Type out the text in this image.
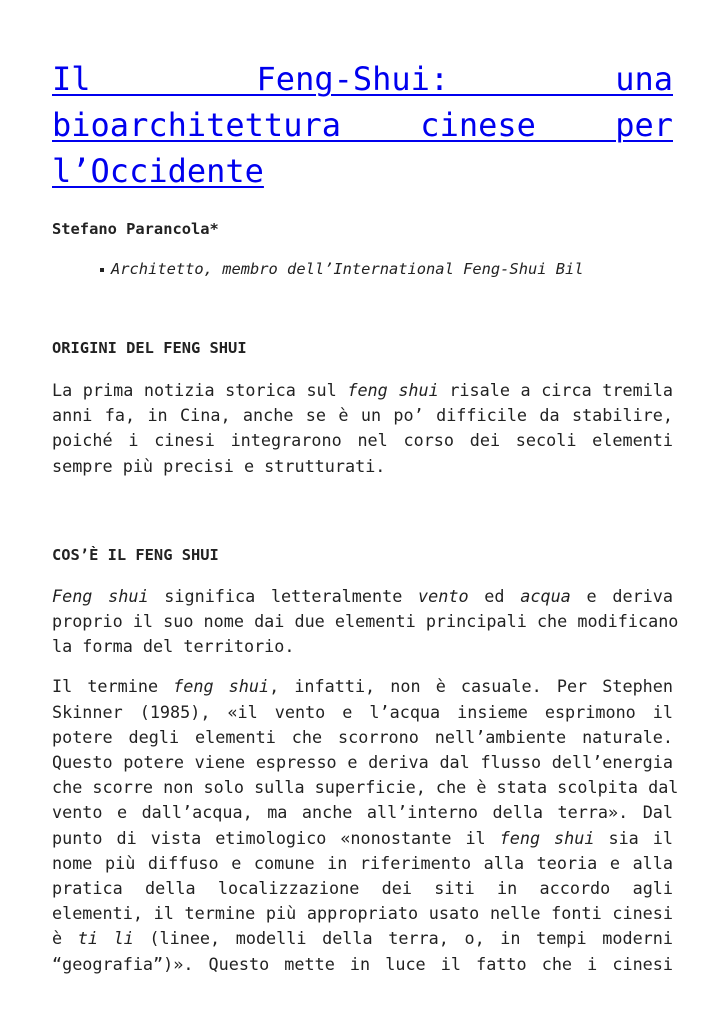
Il Feng-Shui: una bioarchitettura cinese per l’Occidente

Stefano Parancola*

Architetto, membro dell’International Feng-Shui Bil
ORIGINI DEL FENG SHUI

La prima notizia storica sul feng shui risale a circa tremila
anni fa, in Cina, anche se è un po’ difficile da stabilire,
poiché i cinesi integrarono nel corso dei secoli elementi
sempre più precisi e strutturati.

COS’È IL FENG SHUI

Feng shui significa letteralmente vento ed acqua e deriva
proprio il suo nome dai due elementi principali che modificano
la forma del territorio.

Il termine feng shui, infatti, non è casuale. Per Stephen
Skinner (1985), «il vento e l’acqua insieme esprimono il
potere degli elementi che scorrono nell’ambiente naturale.
Questo potere viene espresso e deriva dal flusso dell’energia
che scorre non solo sulla superficie, che è stata scolpita dal
vento e dall’acqua, ma anche all’interno della terra». Dal
punto di vista etimologico «nonostante il feng shui sia il
nome più diffuso e comune in riferimento alla teoria e alla
pratica della localizzazione dei siti in accordo agli
elementi, il termine più appropriato usato nelle fonti cinesi
è ti li (linee, modelli della terra, o, in tempi moderni
“geografia”)». Questo mette in luce il fatto che i cinesi
